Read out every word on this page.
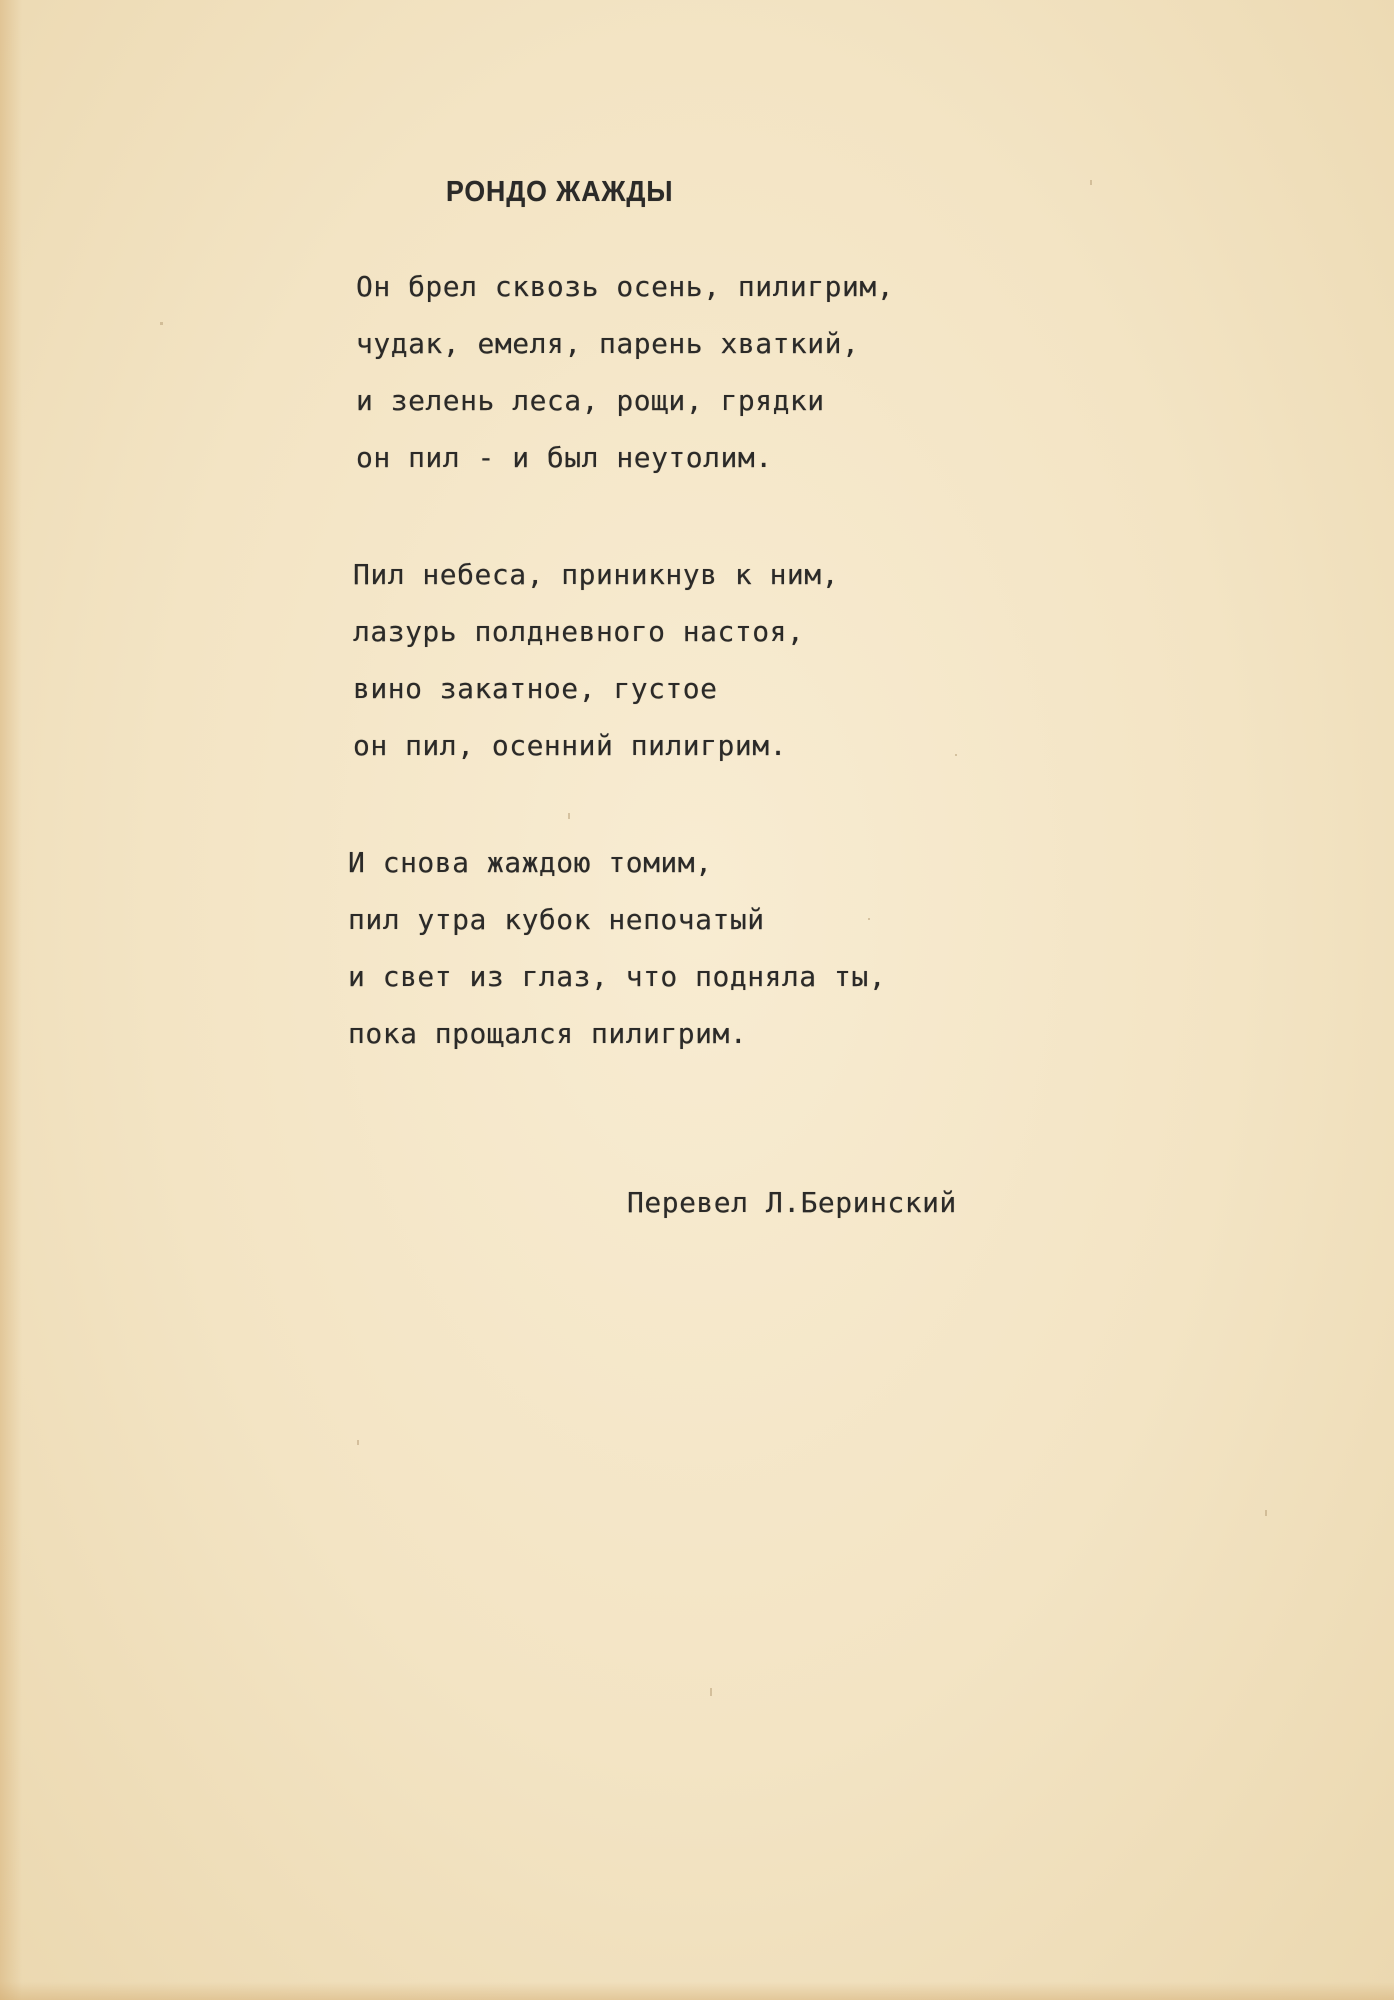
РОНДО ЖАЖДЫ
Он брел сквозь осень, пилигрим,
чудак, емеля, парень хваткий,
и зелень леса, рощи, грядки
он пил - и был неутолим.
Пил небеса, приникнув к ним,
лазурь полдневного настоя,
вино закатное, густое
он пил, осенний пилигрим.
И снова жаждою томим,
пил утра кубок непочатый
и свет из глаз, что подняла ты,
пока прощался пилигрим.
Перевел Л.Беринский
